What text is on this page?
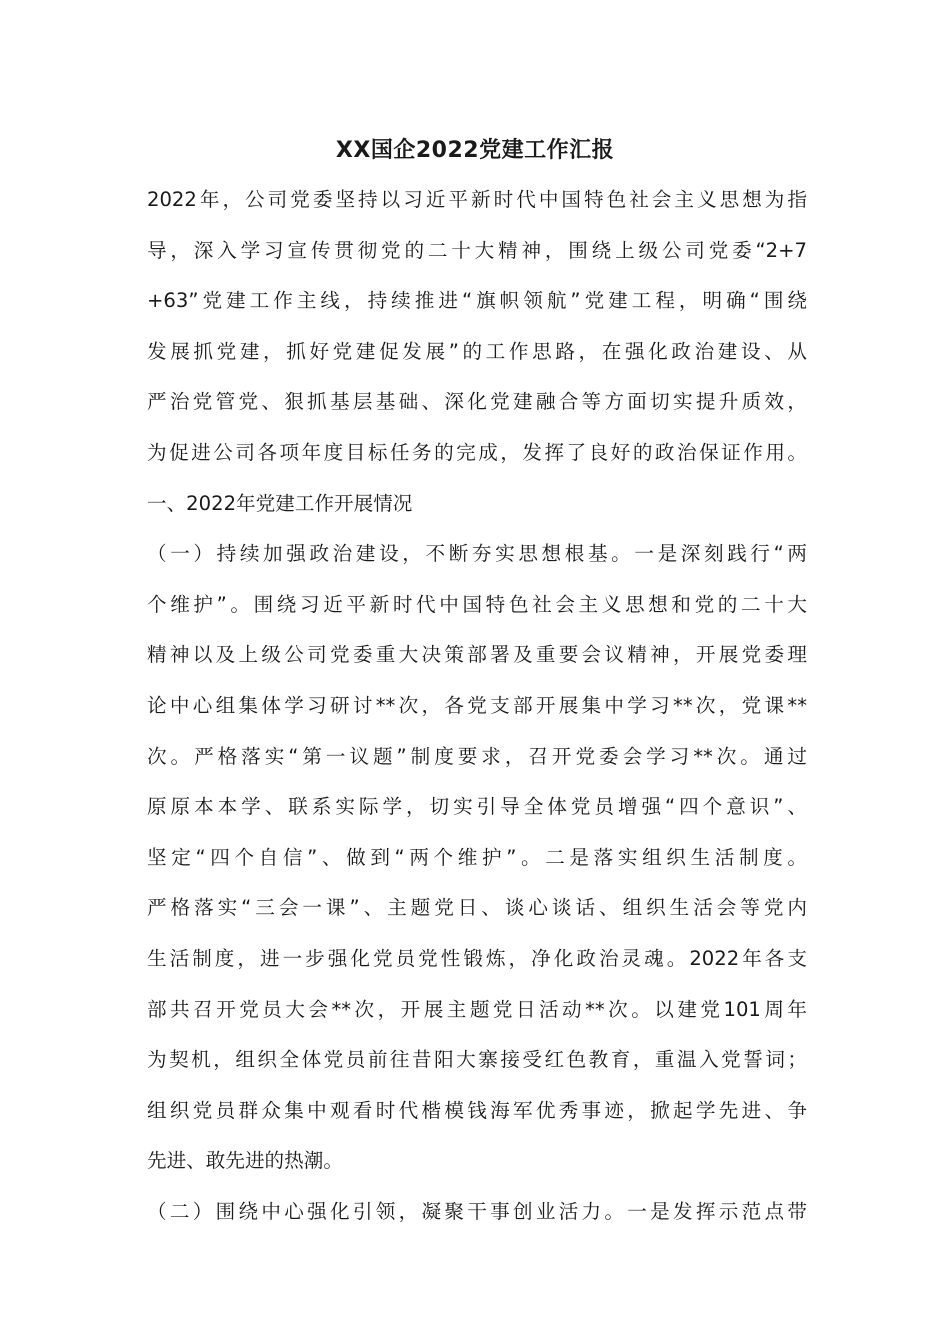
XX国企2022党建工作汇报
2022年，公司党委坚持以习近平新时代中国特色社会主义思想为指
导，深入学习宣传贯彻党的二十大精神，围绕上级公司党委“2+7
+63”党建工作主线，持续推进“旗帜领航”党建工程，明确“围绕
发展抓党建，抓好党建促发展”的工作思路，在强化政治建设、从
严治党管党、狠抓基层基础、深化党建融合等方面切实提升质效，
为促进公司各项年度目标任务的完成，发挥了良好的政治保证作用。
一、2022年党建工作开展情况
（一）持续加强政治建设，不断夯实思想根基。一是深刻践行“两
个维护”。围绕习近平新时代中国特色社会主义思想和党的二十大
精神以及上级公司党委重大决策部署及重要会议精神，开展党委理
论中心组集体学习研讨**次，各党支部开展集中学习**次，党课**
次。严格落实“第一议题”制度要求，召开党委会学习**次。通过
原原本本学、联系实际学，切实引导全体党员增强“四个意识”、
坚定“四个自信”、做到“两个维护”。二是落实组织生活制度。
严格落实“三会一课”、主题党日、谈心谈话、组织生活会等党内
生活制度，进一步强化党员党性锻炼，净化政治灵魂。2022年各支
部共召开党员大会**次，开展主题党日活动**次。以建党101周年
为契机，组织全体党员前往昔阳大寨接受红色教育，重温入党誓词；
组织党员群众集中观看时代楷模钱海军优秀事迹，掀起学先进、争
先进、敢先进的热潮。
（二）围绕中心强化引领，凝聚干事创业活力。一是发挥示范点带
